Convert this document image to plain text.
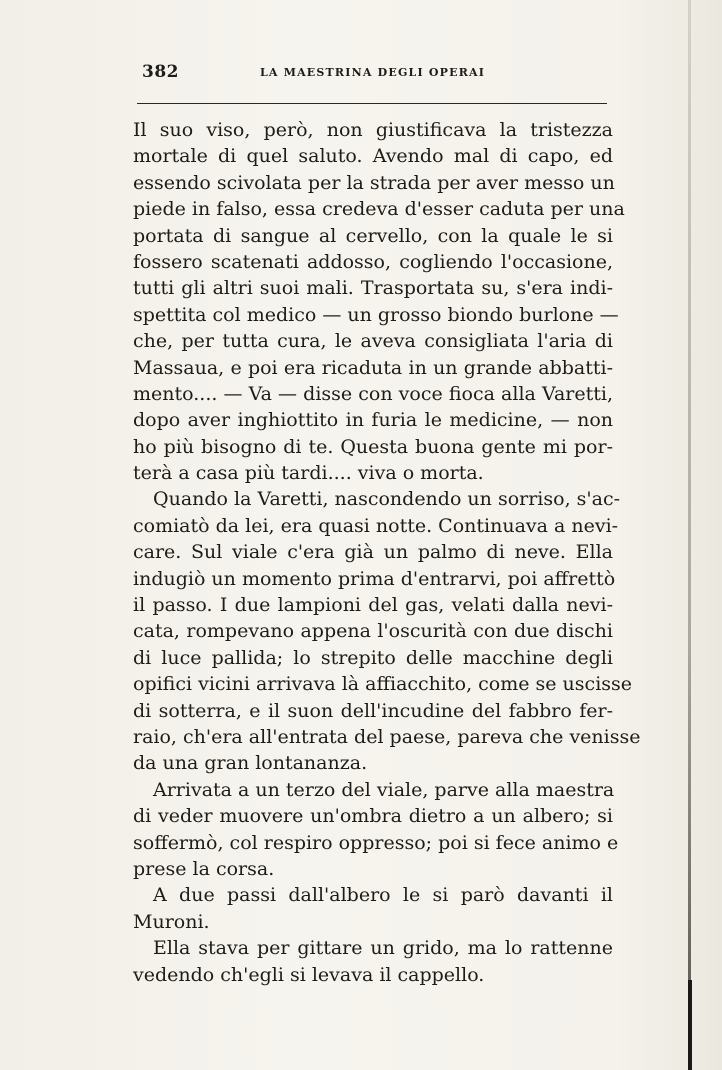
382	LA MAESTRINA DEGLI OPERAI
Il suo viso, però, non giustificava la tristezza
mortale di quel saluto. Avendo mal di capo, ed
essendo scivolata per la strada per aver messo un
piede in falso, essa credeva d'esser caduta per una
portata di sangue al cervello, con la quale le si
fossero scatenati addosso, cogliendo l'occasione,
tutti gli altri suoi mali. Trasportata su, s'era indi-
spettita col medico — un grosso biondo burlone —
che, per tutta cura, le aveva consigliata l'aria di
Massaua, e poi era ricaduta in un grande abbatti-
mento.... — Va — disse con voce fioca alla Varetti,
dopo aver inghiottito in furia le medicine, — non
ho più bisogno di te. Questa buona gente mi por-
terà a casa più tardi.... viva o morta.
Quando la Varetti, nascondendo un sorriso, s'ac-
comiatò da lei, era quasi notte. Continuava a nevi-
care. Sul viale c'era già un palmo di neve. Ella
indugiò un momento prima d'entrarvi, poi affrettò
il passo. I due lampioni del gas, velati dalla nevi-
cata, rompevano appena l'oscurità con due dischi
di luce pallida; lo strepito delle macchine degli
opifici vicini arrivava là affiacchito, come se uscisse
di sotterra, e il suon dell'incudine del fabbro fer-
raio, ch'era all'entrata del paese, pareva che venisse
da una gran lontananza.
Arrivata a un terzo del viale, parve alla maestra
di veder muovere un'ombra dietro a un albero; si
soffermò, col respiro oppresso; poi si fece animo e
prese la corsa.
A due passi dall'albero le si parò davanti il
Muroni.
Ella stava per gittare un grido, ma lo rattenne
vedendo ch'egli si levava il cappello.
